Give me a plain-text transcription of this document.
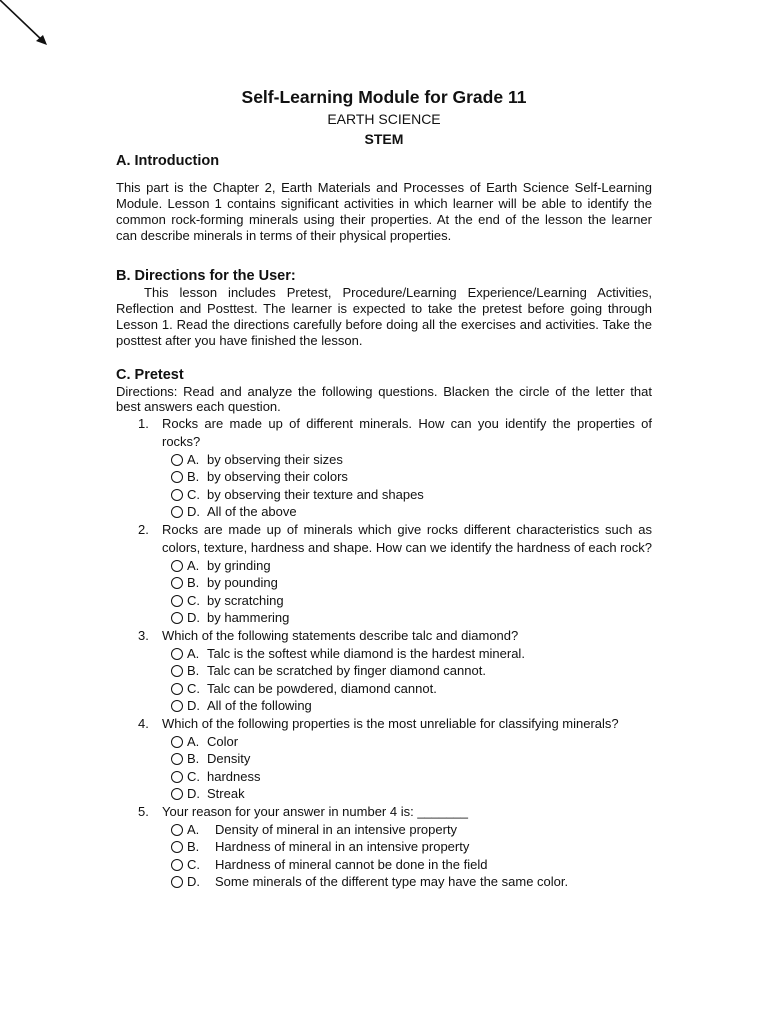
Self-Learning Module for Grade 11

EARTH SCIENCE

STEM

A. Introduction

This part is the Chapter 2, Earth Materials and Processes of Earth Science Self-Learning Module. Lesson 1 contains significant activities in which learner will be able to identify the common rock-forming minerals using their properties. At the end of the lesson the learner can describe minerals in terms of their physical properties.

B. Directions for the User:

This lesson includes Pretest, Procedure/Learning Experience/Learning Activities, Reflection and Posttest. The learner is expected to take the pretest before going through Lesson 1. Read the directions carefully before doing all the exercises and activities. Take the posttest after you have finished the lesson.

C. Pretest

Directions: Read and analyze the following questions. Blacken the circle of the letter that best answers each question.

1. Rocks are made up of different minerals. How can you identify the properties of rocks?

A. by observing their sizes
B. by observing their colors
C. by observing their texture and shapes
D. All of the above

2. Rocks are made up of minerals which give rocks different characteristics such as colors, texture, hardness and shape. How can we identify the hardness of each rock?

A. by grinding
B. by pounding
C. by scratching
D. by hammering

3. Which of the following statements describe talc and diamond?

A. Talc is the softest while diamond is the hardest mineral.
B. Talc can be scratched by finger diamond cannot.
C. Talc can be powdered, diamond cannot.
D. All of the following

4. Which of the following properties is the most unreliable for classifying minerals?

A. Color
B. Density
C. hardness
D. Streak

5. Your reason for your answer in number 4 is: _______

A.	Density of mineral in an intensive property
B.	Hardness of mineral in an intensive property
C.	Hardness of mineral cannot be done in the field
D.	Some minerals of the different type may have the same color.
